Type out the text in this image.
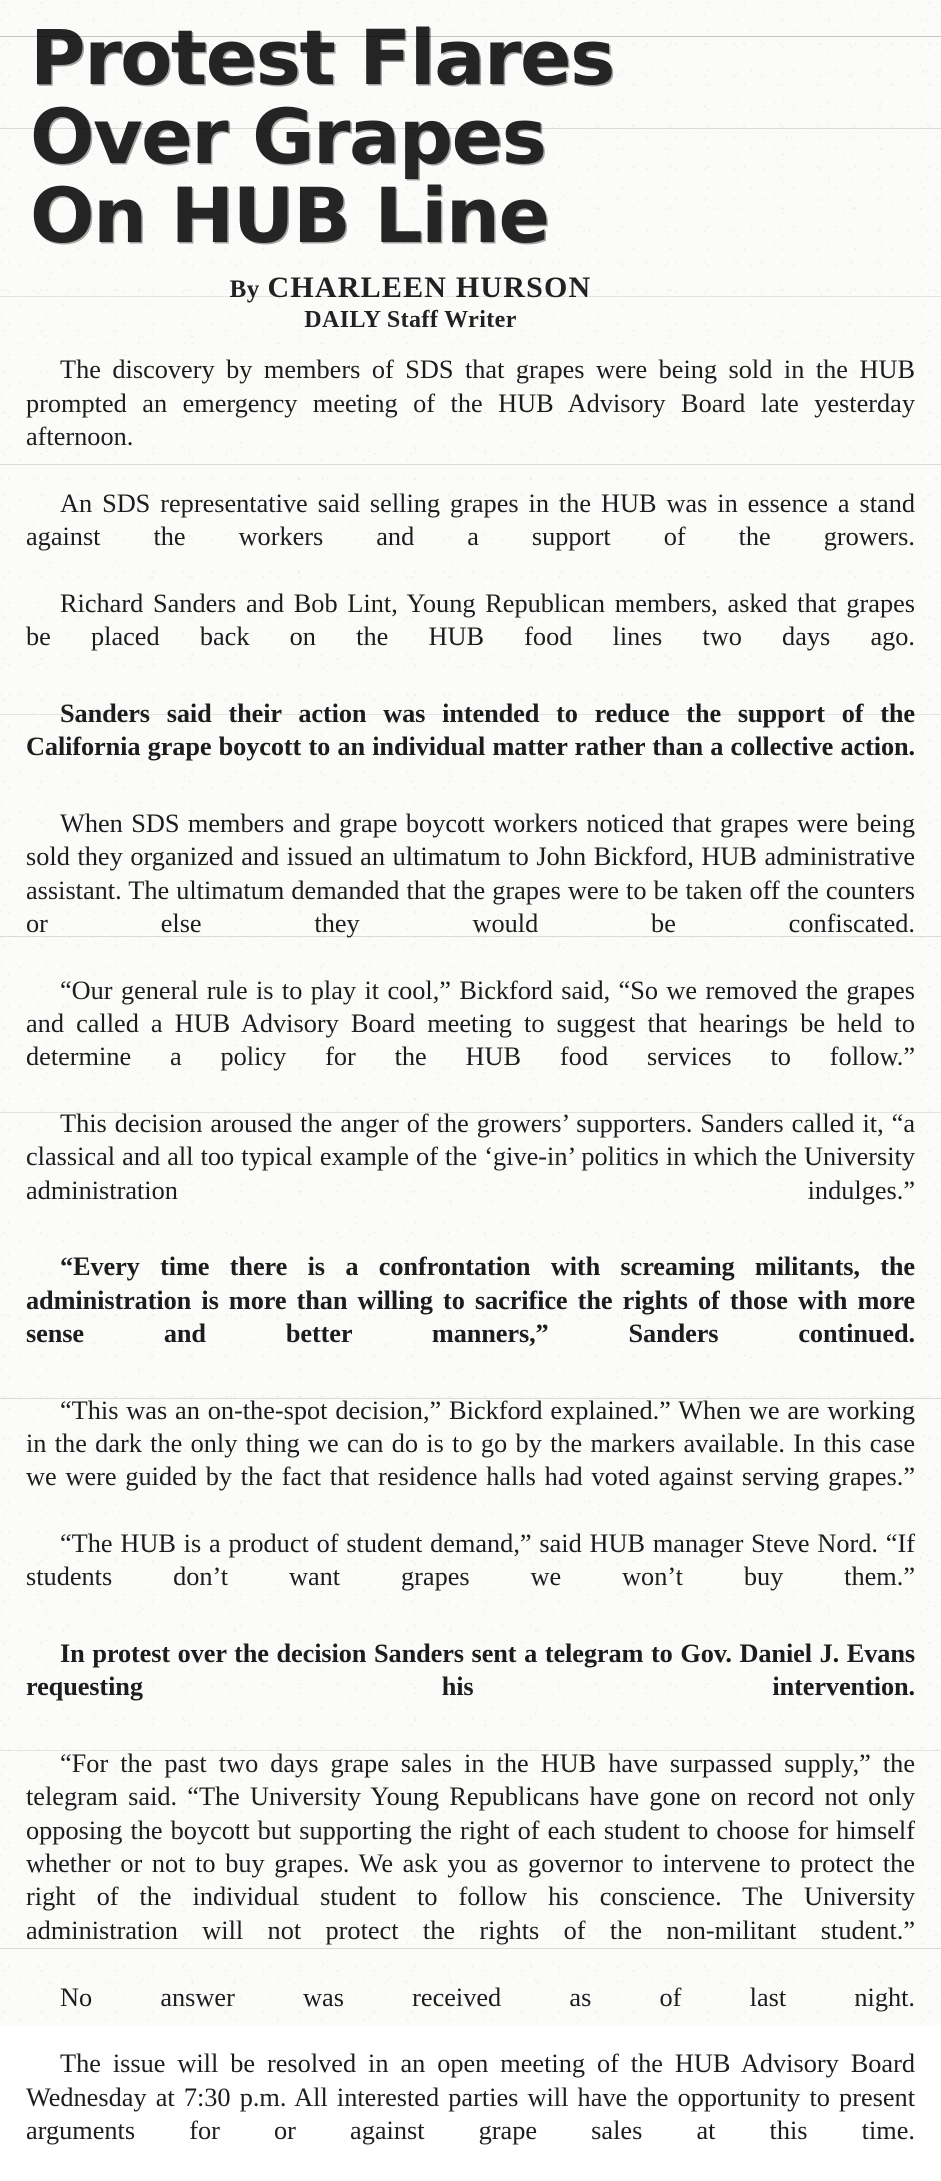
Protest Flares
Over Grapes
On HUB Line
By CHARLEEN HURSON
DAILY Staff Writer

The discovery by members of SDS that grapes were being sold in the HUB prompted an emergency meeting of the HUB Advisory Board late yesterday afternoon.

An SDS representative said selling grapes in the HUB was in essence a stand against the workers and a support of the growers.

Richard Sanders and Bob Lint, Young Republican members, asked that grapes be placed back on the HUB food lines two days ago.

Sanders said their action was intended to reduce the support of the California grape boycott to an individual matter rather than a collective action.

When SDS members and grape boycott workers noticed that grapes were being sold they organized and issued an ultimatum to John Bickford, HUB administrative assistant. The ultimatum demanded that the grapes were to be taken off the counters or else they would be confiscated.

“Our general rule is to play it cool,” Bickford said, “So we removed the grapes and called a HUB Advisory Board meeting to suggest that hearings be held to determine a policy for the HUB food services to follow.”

This decision aroused the anger of the growers’ supporters. Sanders called it, “a classical and all too typical example of the ‘give-in’ politics in which the University administration indulges.”

“Every time there is a confrontation with screaming militants, the administration is more than willing to sacrifice the rights of those with more sense and better manners,” Sanders continued.

“This was an on-the-spot decision,” Bickford explained.” When we are working in the dark the only thing we can do is to go by the markers available. In this case we were guided by the fact that residence halls had voted against serving grapes.”

“The HUB is a product of student demand,” said HUB manager Steve Nord. “If students don’t want grapes we won’t buy them.”

In protest over the decision Sanders sent a telegram to Gov. Daniel J. Evans requesting his intervention.

“For the past two days grape sales in the HUB have surpassed supply,” the telegram said. “The University Young Republicans have gone on record not only opposing the boycott but supporting the right of each student to choose for himself whether or not to buy grapes. We ask you as governor to intervene to protect the right of the individual student to follow his conscience. The University administration will not protect the rights of the non-militant student.”

No answer was received as of last night.

The issue will be resolved in an open meeting of the HUB Advisory Board Wednesday at 7:30 p.m. All interested parties will have the opportunity to present arguments for or against grape sales at this time.
